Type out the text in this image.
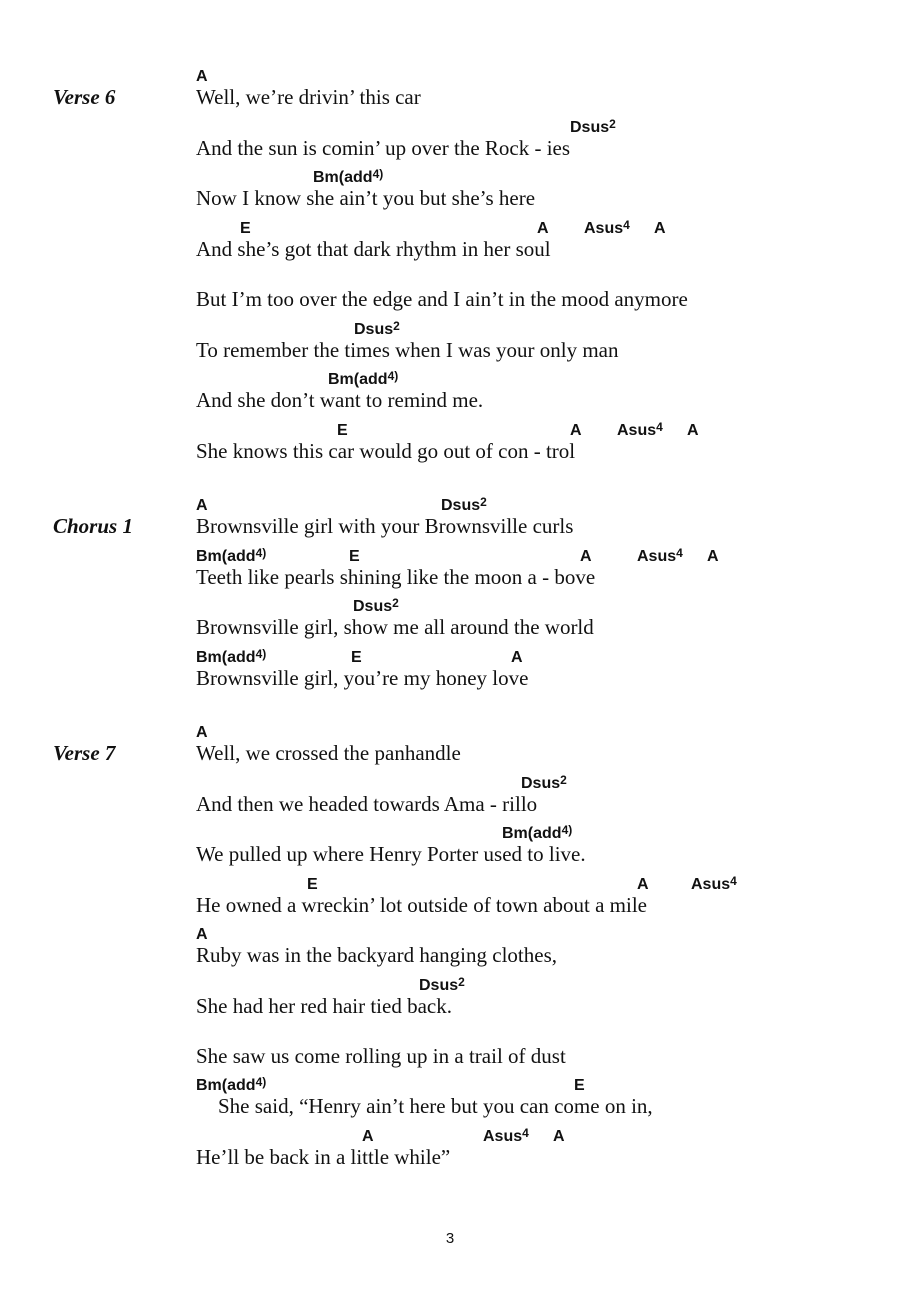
Verse 6
A
Well, we’re drivin’ this car
Dsus$^2$
And the sun is comin’ up over the Rock - ies
Bm(add$^{4)}$
Now I know she ain’t you but she’s here
E	A Asus$^4$ A
And she’s got that dark rhythm in her soul
But I’m too over the edge and I ain’t in the mood anymore
Dsus$^2$
To remember the times when I was your only man
Bm(add$^{4)}$
And she don’t want to remind me.
E	A Asus$^4$ A
She knows this car would go out of con - trol
Chorus 1
A	Dsus$^2$
Brownsville girl with your Brownsville curls
Bm(add$^{4)}$	E	A	Asus$^4$ A
Teeth like pearls shining like the moon a - bove
Dsus$^2$
Brownsville girl, show me all around the world
Bm(add$^{4)}$	E	A
Brownsville girl, you’re my honey love
Verse 7
A
Well, we crossed the panhandle
Dsus$^2$
And then we headed towards Ama - rillo
Bm(add$^{4)}$
We pulled up where Henry Porter used to live.
E	A	Asus$^4$
He owned a wreckin’ lot outside of town about a mile
A
Ruby was in the backyard hanging clothes,
Dsus$^2$
She had her red hair tied back.
She saw us come rolling up in a trail of dust
Bm(add$^{4)}$	E
She said, “Henry ain’t here but you can come on in,
A	Asus$^4$ A
He’ll be back in a little while”
3
